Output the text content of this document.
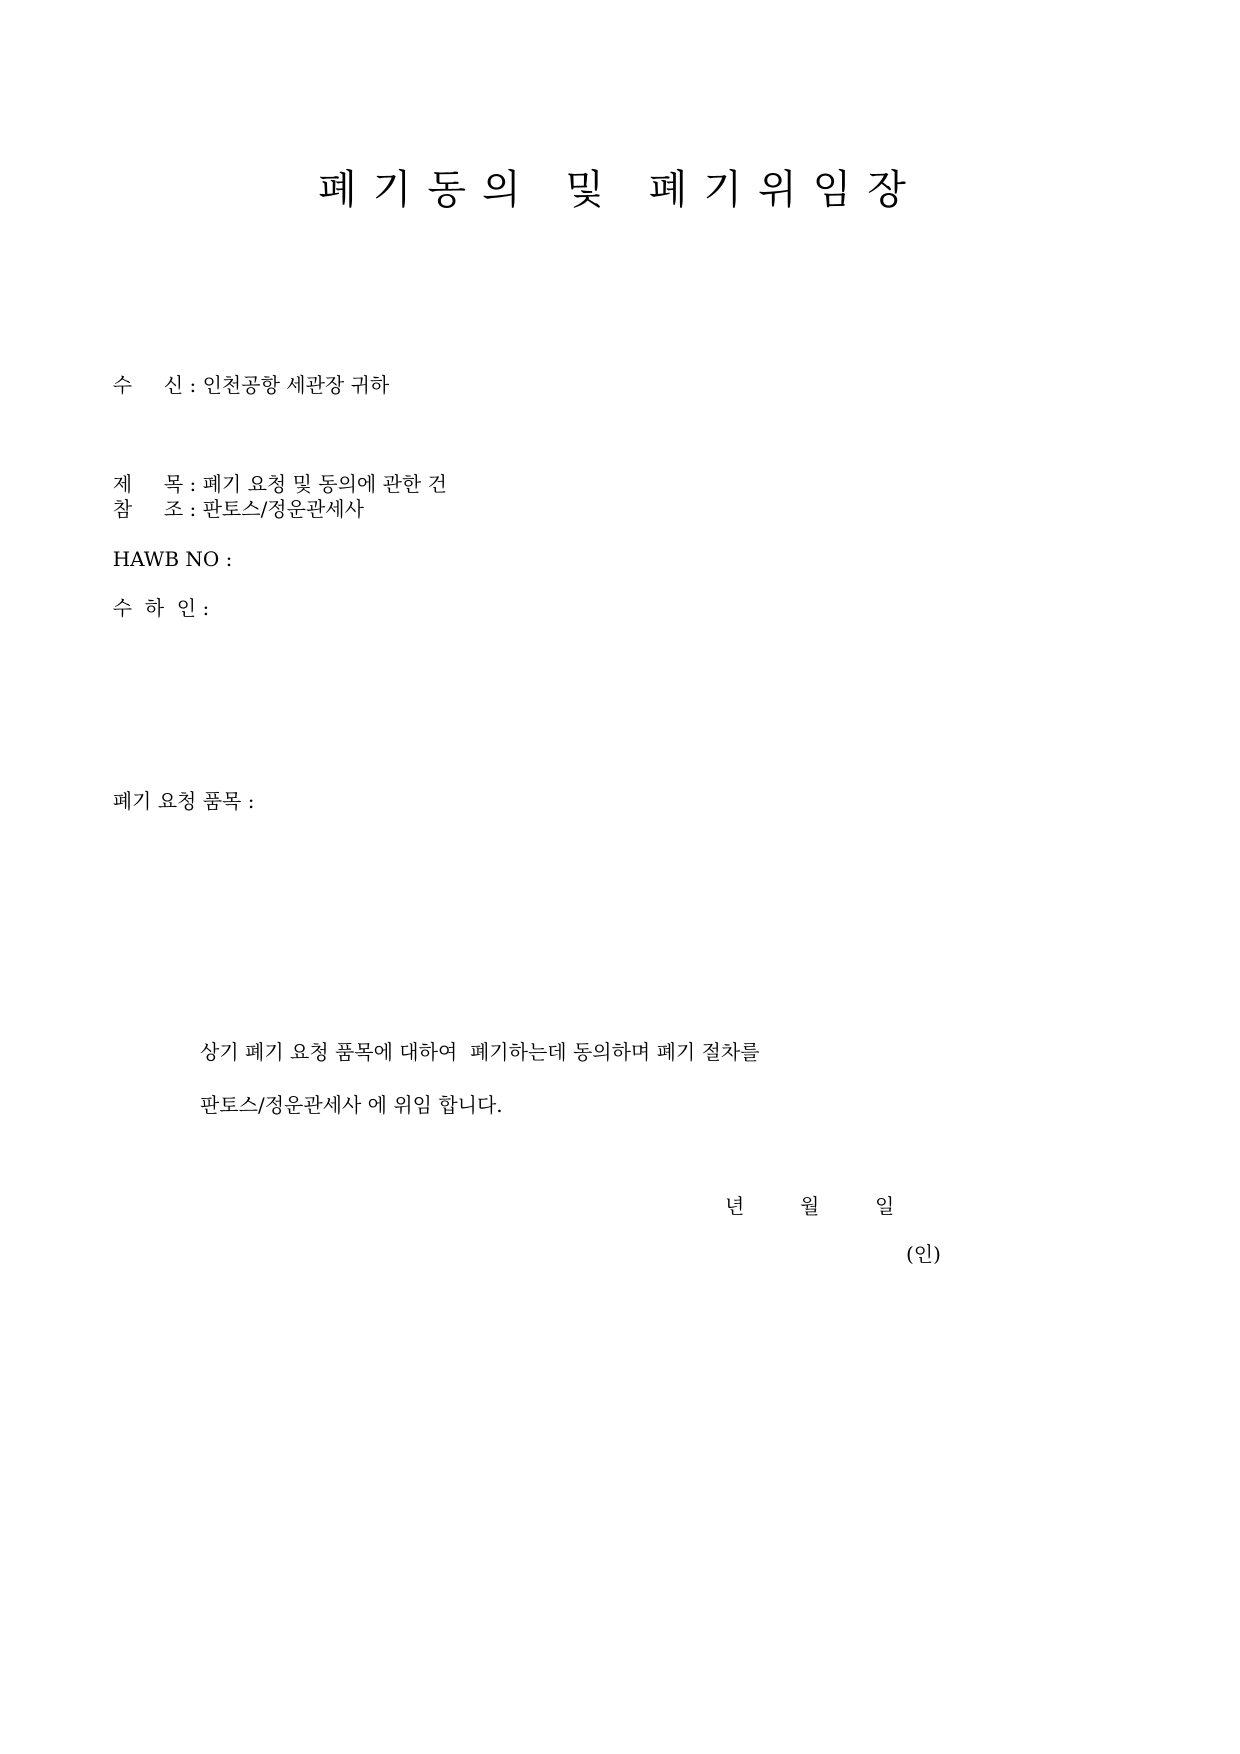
폐기동의 및 폐기위임장

수     신 : 인천공항 세관장 귀하

제     목 : 폐기 요청 및 동의에 관한 건

참     조 : 판토스/정운관세사

HAWB NO :

수  하  인 :

폐기 요청 품목 :

상기 폐기 요청 품목에 대하여  폐기하는데 동의하며 폐기 절차를
판토스/정운관세사 에 위임 합니다.
년	월	일
(인)
